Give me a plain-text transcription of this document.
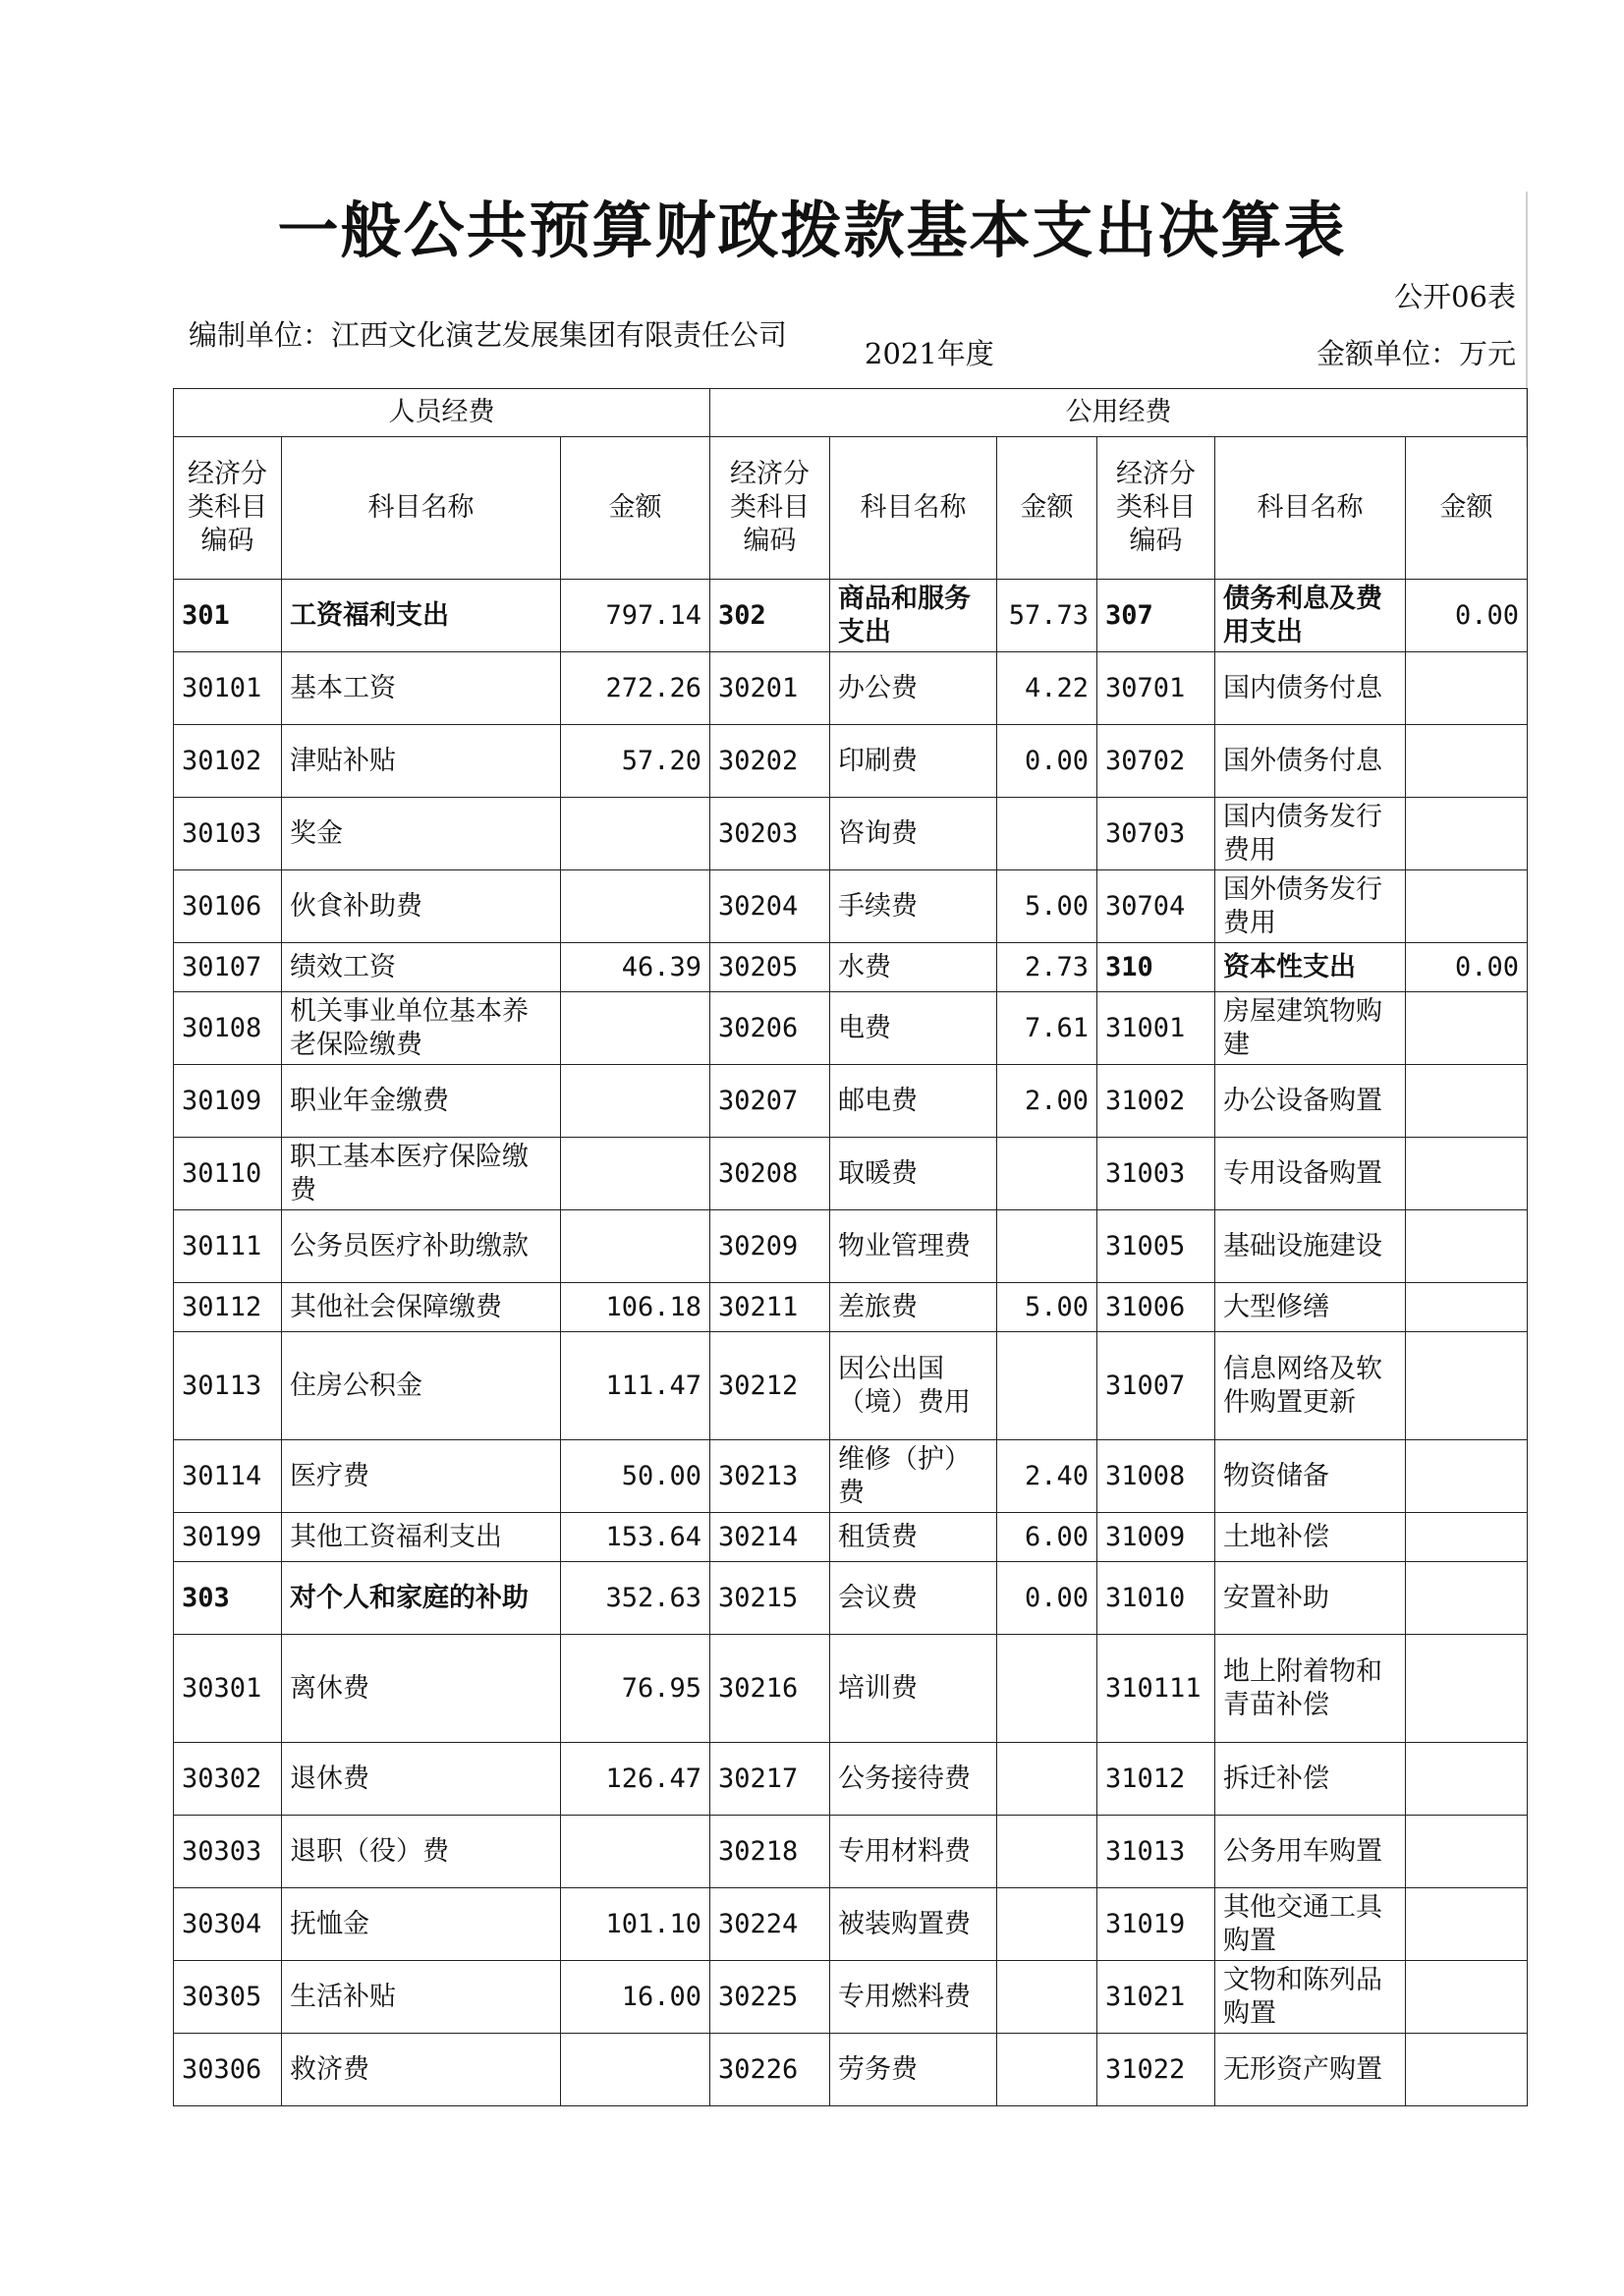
一般公共预算财政拨款基本支出决算表
公开06表
编制单位：江西文化演艺发展集团有限责任公司
2021年度	金额单位：万元
人员经费			公用经费					
经济分类科目编码	科目名称	金额	经济分类科目编码	科目名称	金额	经济分类科目编码	科目名称	金额
301	工资福利支出	797.14	302	商品和服务支出	57.73	307	债务利息及费用支出	0.00
30101	基本工资	272.26	30201	办公费	4.22	30701	国内债务付息	
30102	津贴补贴	57.20	30202	印刷费	0.00	30702	国外债务付息	
30103	奖金		30203	咨询费		30703	国内债务发行费用	
30106	伙食补助费		30204	手续费	5.00	30704	国外债务发行费用	
30107	绩效工资	46.39	30205	水费	2.73	310	资本性支出	0.00
30108	机关事业单位基本养老保险缴费		30206	电费	7.61	31001	房屋建筑物购建	
30109	职业年金缴费		30207	邮电费	2.00	31002	办公设备购置	
30110	职工基本医疗保险缴费		30208	取暖费		31003	专用设备购置	
30111	公务员医疗补助缴款		30209	物业管理费		31005	基础设施建设	
30112	其他社会保障缴费	106.18	30211	差旅费	5.00	31006	大型修缮	
30113	住房公积金	111.47	30212	因公出国（境）费用		31007	信息网络及软件购置更新	
30114	医疗费	50.00	30213	维修（护）费	2.40	31008	物资储备	
30199	其他工资福利支出	153.64	30214	租赁费	6.00	31009	土地补偿	
303	对个人和家庭的补助	352.63	30215	会议费	0.00	31010	安置补助	
30301	离休费	76.95	30216	培训费		310111	地上附着物和青苗补偿	
30302	退休费	126.47	30217	公务接待费		31012	拆迁补偿	
30303	退职（役）费		30218	专用材料费		31013	公务用车购置	
30304	抚恤金	101.10	30224	被装购置费		31019	其他交通工具购置	
30305	生活补贴	16.00	30225	专用燃料费		31021	文物和陈列品购置	
30306	救济费		30226	劳务费		31022	无形资产购置	
